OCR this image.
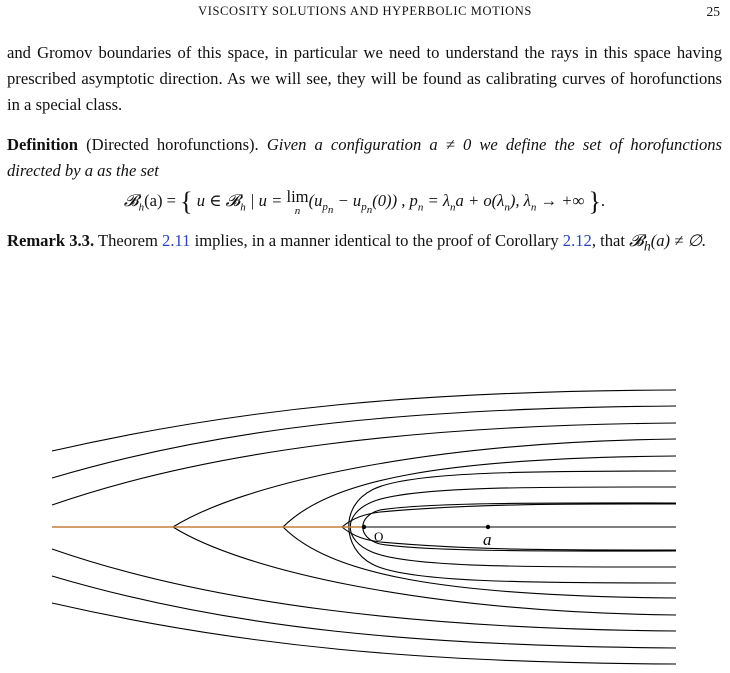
VISCOSITY SOLUTIONS AND HYPERBOLIC MOTIONS	25

and Gromov boundaries of this space, in particular we need to understand the rays in this space having prescribed asymptotic direction. As we will see, they will be found as calibrating curves of horofunctions in a special class.

Definition (Directed horofunctions). Given a configuration a ≠ 0 we define the set of horofunctions directed by a as the set

𝓑$_h$(a) = { u ∈ 𝓑$_h$ | u = lim
n
$(u_{p_n} - u_{p_n}(0))$ , $p_n = \lambda_na + o(\lambda_n)$, $\lambda_n$ → +∞ }.

Remark 3.3. Theorem 2.11 implies, in a manner identical to the proof of Corollary 2.12, that 𝓑$_h$(a) ≠ ∅.

O	a
